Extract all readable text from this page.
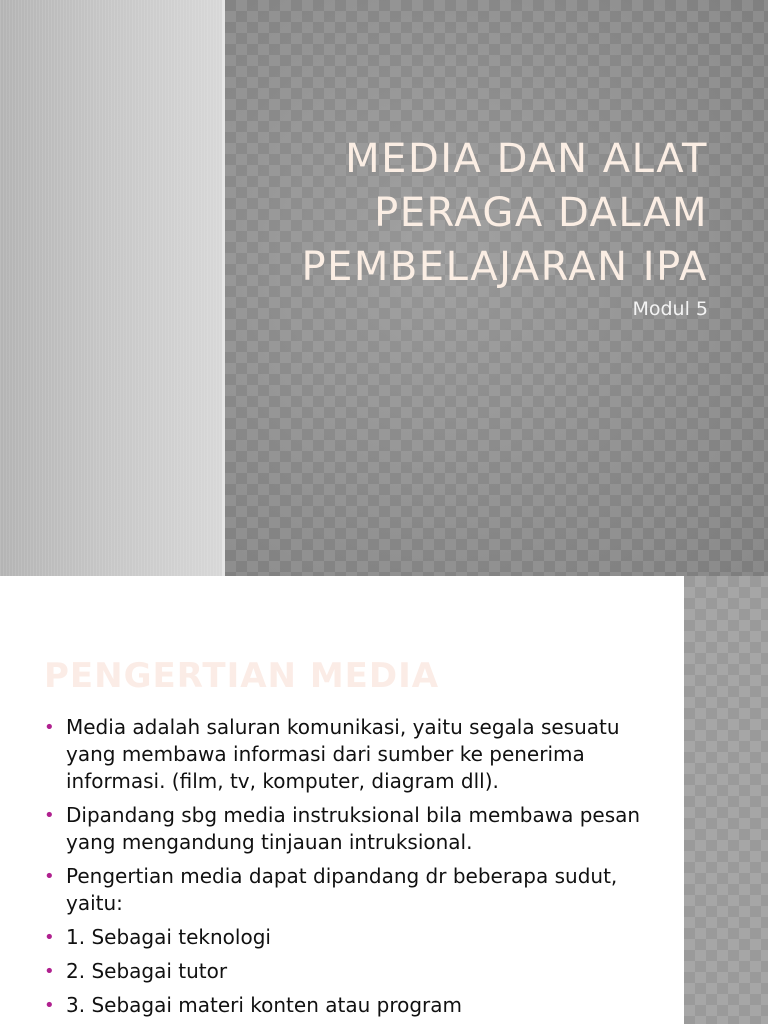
MEDIA DAN ALAT
PERAGA DALAM
PEMBELAJARAN IPA

Modul 5

PENGERTIAN MEDIA
• Media adalah saluran komunikasi, yaitu segala sesuatu yang membawa informasi dari sumber ke penerima informasi. (film, tv, komputer, diagram dll).
• Dipandang sbg media instruksional bila membawa pesan yang mengandung tinjauan intruksional.
• Pengertian media dapat dipandang dr beberapa sudut, yaitu:
• 1. Sebagai teknologi
• 2. Sebagai tutor
• 3. Sebagai materi konten atau program
